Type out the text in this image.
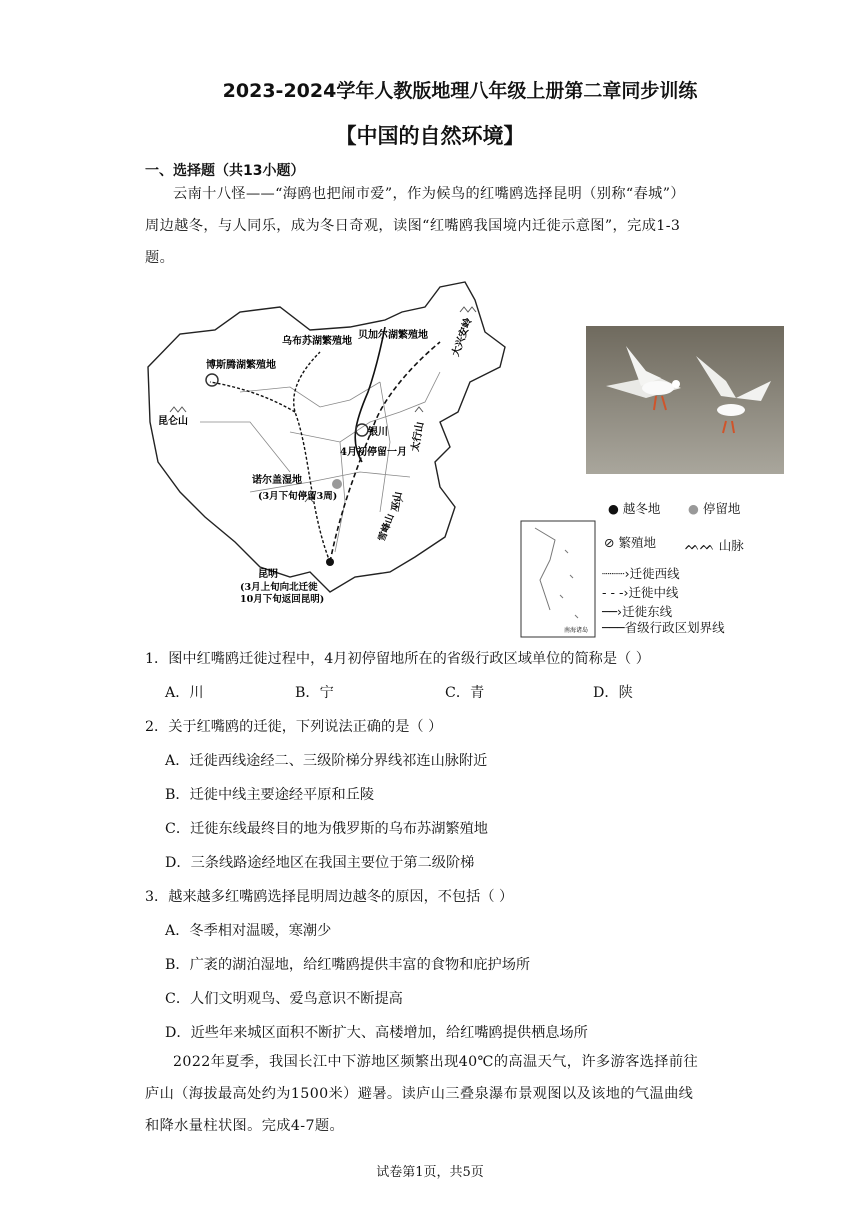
2023-2024学年人教版地理八年级上册第二章同步训练
【中国的自然环境】
一、选择题（共13小题）
云南十八怪——“海鸥也把闹市爱”，作为候鸟的红嘴鸥选择昆明（别称“春城”）
周边越冬，与人同乐，成为冬日奇观，读图“红嘴鸥我国境内迁徙示意图”，完成1-3
题。
乌布苏湖繁殖地
贝加尔湖繁殖地
博斯腾湖繁殖地
昆仑山
大兴安岭
太行山
银川
4月初停留一月
诺尔盖湿地
(3月下旬停留3周)
昆明
(3月上旬向北迁徙
10月下旬返回昆明)
巫山
雪峰山
南海诸岛
● 越冬地 ● 停留地
⊘ 繁殖地 ᨓᨓ 山脉
┈┈┈›迁徙西线
- - -›迁徙中线
──›迁徙东线
───省级行政区划界线
1．图中红嘴鸥迁徙过程中，4月初停留地所在的省级行政区域单位的简称是（ ）
A．川	B．宁	C．青	D．陕
2．关于红嘴鸥的迁徙，下列说法正确的是（ ）
A．迁徙西线途经二、三级阶梯分界线祁连山脉附近
B．迁徙中线主要途经平原和丘陵
C．迁徙东线最终目的地为俄罗斯的乌布苏湖繁殖地
D．三条线路途经地区在我国主要位于第二级阶梯
3．越来越多红嘴鸥选择昆明周边越冬的原因，不包括（ ）
A．冬季相对温暖，寒潮少
B．广袤的湖泊湿地，给红嘴鸥提供丰富的食物和庇护场所
C．人们文明观鸟、爱鸟意识不断提高
D．近些年来城区面积不断扩大、高楼增加，给红嘴鸥提供栖息场所
2022年夏季，我国长江中下游地区频繁出现40℃的高温天气，许多游客选择前往
庐山（海拔最高处约为1500米）避暑。读庐山三叠泉瀑布景观图以及该地的气温曲线
和降水量柱状图。完成4-7题。
试卷第1页，共5页
